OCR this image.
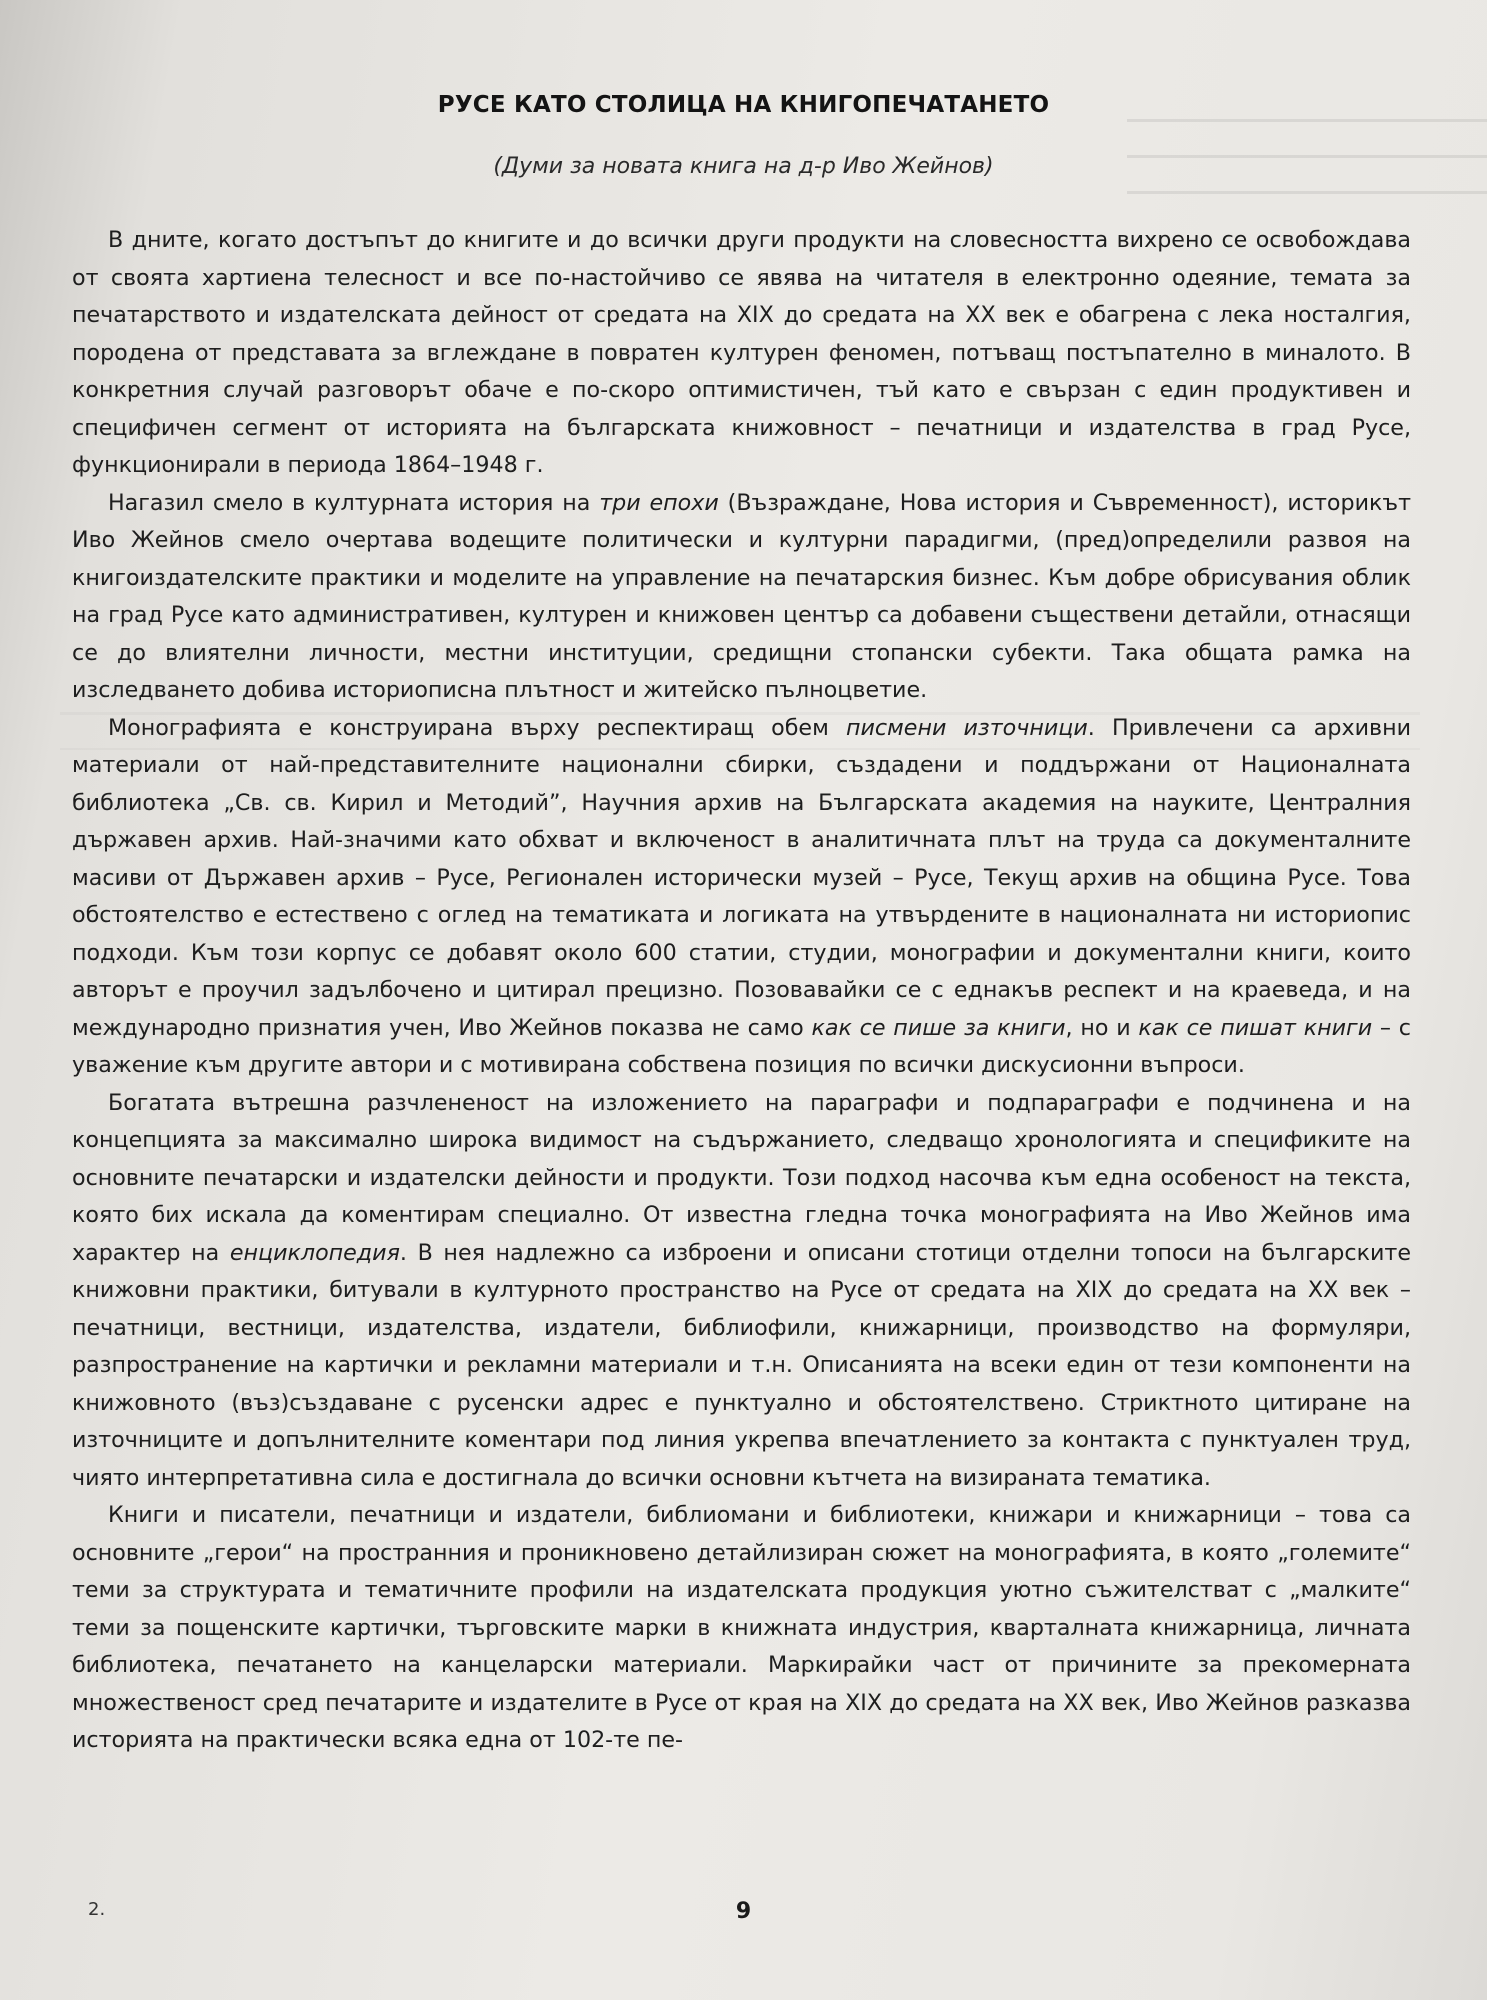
РУСЕ КАТО СТОЛИЦА НА КНИГОПЕЧАТАНЕТО
(Думи за новата книга на д-р Иво Жейнов)

В дните, когато достъпът до книгите и до всички други продукти на словесността вихрено се освобождава от своята хартиена телесност и все по-настойчиво се явява на читателя в електронно одеяние, темата за печатарството и издателската дейност от средата на XIX до средата на XX век е обагрена с лека носталгия, породена от представата за вглеждане в повратен културен феномен, потъващ постъпателно в миналото. В конкретния случай разговорът обаче е по-скоро оптимистичен, тъй като е свързан с един продуктивен и специфичен сегмент от историята на българската книжовност – печатници и издателства в град Русе, функционирали в периода 1864–1948 г.

Нагазил смело в културната история на три епохи (Възраждане, Нова история и Съвременност), историкът Иво Жейнов смело очертава водещите политически и културни парадигми, (пред)определили развоя на книгоиздателските практики и моделите на управление на печатарския бизнес. Към добре обрисувания облик на град Русе като административен, културен и книжовен център са добавени съществени детайли, отнасящи се до влиятелни личности, местни институции, средищни стопански субекти. Така общата рамка на изследването добива историописна плътност и житейско пълноцветие.

Монографията е конструирана върху респектиращ обем писмени източници. Привлечени са архивни материали от най-представителните национални сбирки, създадени и поддържани от Националната библиотека „Св. св. Кирил и Методий”, Научния архив на Българската академия на науките, Централния държавен архив. Най-значими като обхват и включеност в аналитичната плът на труда са документалните масиви от Държавен архив – Русе, Регионален исторически музей – Русе, Текущ архив на община Русе. Това обстоятелство е естествено с оглед на тематиката и логиката на утвърдените в националната ни историопис подходи. Към този корпус се добавят около 600 статии, студии, монографии и документални книги, които авторът е проучил задълбочено и цитирал прецизно. Позовавайки се с еднакъв респект и на краеведа, и на международно признатия учен, Иво Жейнов показва не само как се пише за книги, но и как се пишат книги – с уважение към другите автори и с мотивирана собствена позиция по всички дискусионни въпроси.

Богатата вътрешна разчлененост на изложението на параграфи и подпараграфи е подчинена и на концепцията за максимално широка видимост на съдържанието, следващо хронологията и спецификите на основните печатарски и издателски дейности и продукти. Този подход насочва към една особеност на текста, която бих искала да коментирам специално. От известна гледна точка монографията на Иво Жейнов има характер на енциклопедия. В нея надлежно са изброени и описани стотици отделни топоси на българските книжовни практики, битували в културното пространство на Русе от средата на XIX до средата на XX век – печатници, вестници, издателства, издатели, библиофили, книжарници, производство на формуляри, разпространение на картички и рекламни материали и т.н. Описанията на всеки един от тези компоненти на книжовното (въз)създаване с русенски адрес е пунктуално и обстоятелствено. Стриктното цитиране на източниците и допълнителните коментари под линия укрепва впечатлението за контакта с пунктуален труд, чиято интерпретативна сила е достигнала до всички основни кътчета на визираната тематика.

Книги и писатели, печатници и издатели, библиомани и библиотеки, книжари и книжарници – това са основните „герои“ на пространния и проникновено детайлизиран сюжет на монографията, в която „големите“ теми за структурата и тематичните профили на издателската продукция уютно съжителстват с „малките“ теми за пощенските картички, търговските марки в книжната индустрия, кварталната книжарница, личната библиотека, печатането на канцеларски материали. Маркирайки част от причините за прекомерната множественост сред печатарите и издателите в Русе от края на XIX до средата на XX век, Иво Жейнов разказва историята на практически всяка една от 102-те пе-

2.	9
